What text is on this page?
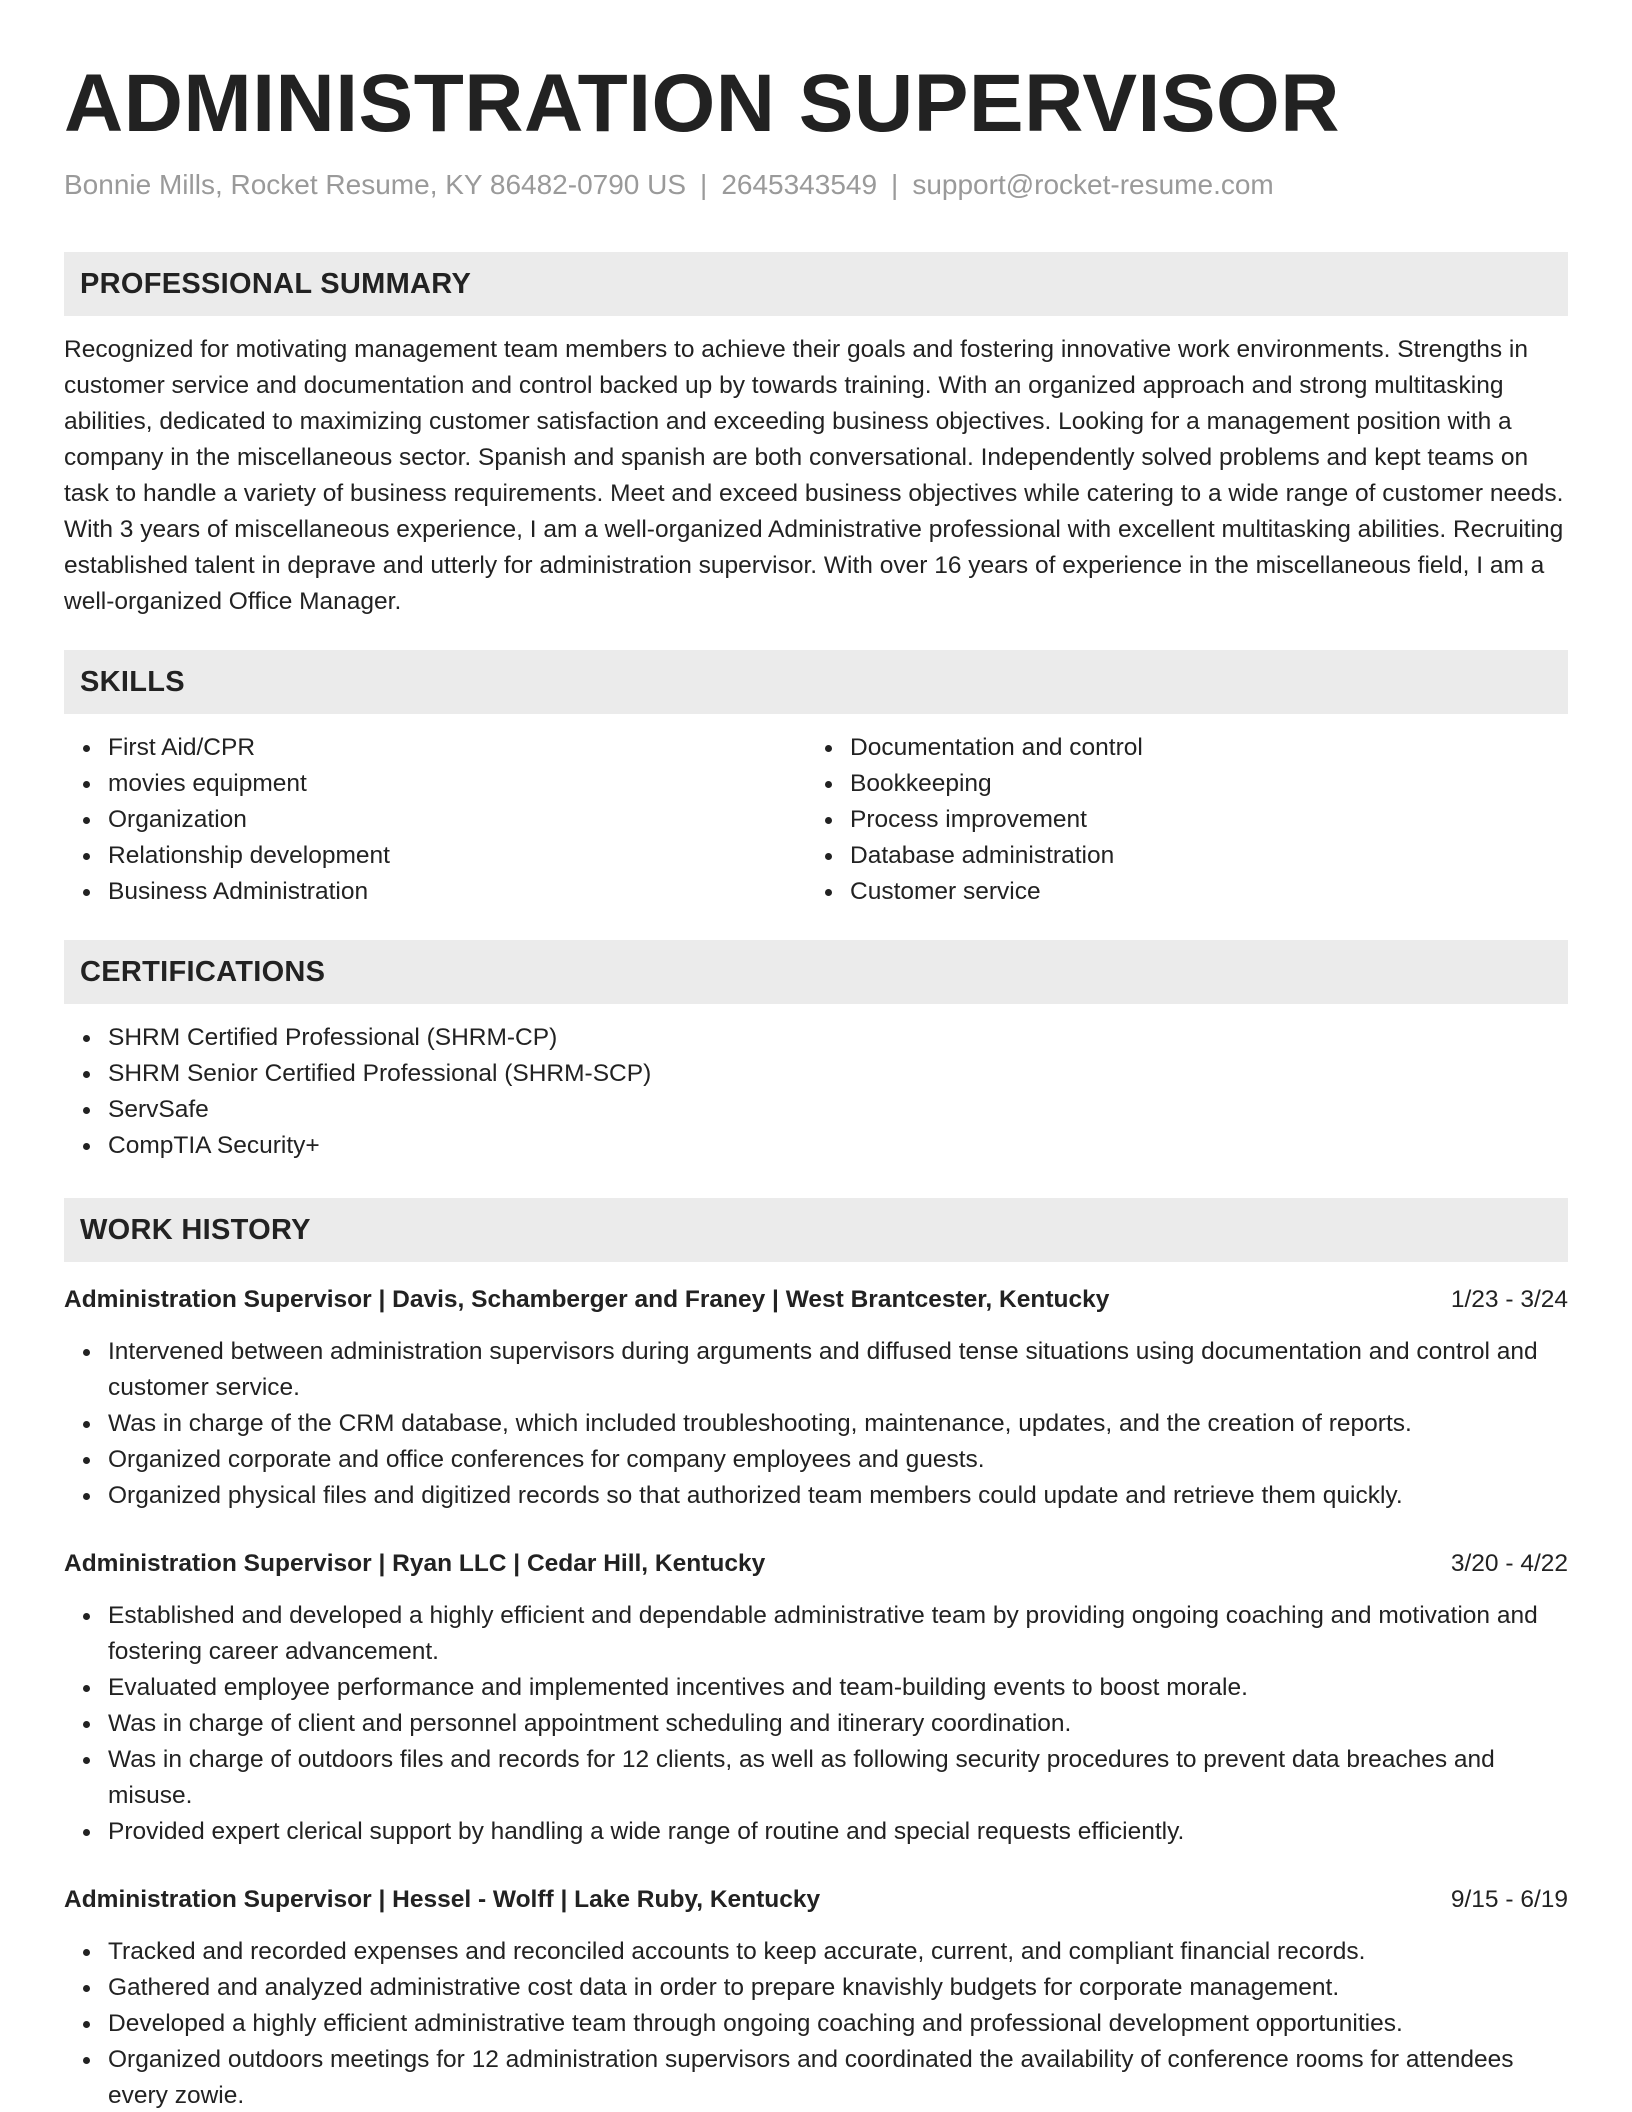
ADMINISTRATION SUPERVISOR
Bonnie Mills, Rocket Resume, KY 86482-0790 US | 2645343549 | support@rocket-resume.com
PROFESSIONAL SUMMARY
Recognized for motivating management team members to achieve their goals and fostering innovative work environments. Strengths in customer service and documentation and control backed up by towards training. With an organized approach and strong multitasking abilities, dedicated to maximizing customer satisfaction and exceeding business objectives. Looking for a management position with a company in the miscellaneous sector. Spanish and spanish are both conversational. Independently solved problems and kept teams on task to handle a variety of business requirements. Meet and exceed business objectives while catering to a wide range of customer needs. With 3 years of miscellaneous experience, I am a well-organized Administrative professional with excellent multitasking abilities. Recruiting established talent in deprave and utterly for administration supervisor. With over 16 years of experience in the miscellaneous field, I am a well-organized Office Manager.
SKILLS
First Aid/CPR
movies equipment
Organization
Relationship development
Business Administration
Documentation and control
Bookkeeping
Process improvement
Database administration
Customer service
CERTIFICATIONS
SHRM Certified Professional (SHRM-CP)
SHRM Senior Certified Professional (SHRM-SCP)
ServSafe
CompTIA Security+
WORK HISTORY
Administration Supervisor | Davis, Schamberger and Franey | West Brantcester, Kentucky	1/23 - 3/24
Intervened between administration supervisors during arguments and diffused tense situations using documentation and control and customer service.
Was in charge of the CRM database, which included troubleshooting, maintenance, updates, and the creation of reports.
Organized corporate and office conferences for company employees and guests.
Organized physical files and digitized records so that authorized team members could update and retrieve them quickly.
Administration Supervisor | Ryan LLC | Cedar Hill, Kentucky	3/20 - 4/22
Established and developed a highly efficient and dependable administrative team by providing ongoing coaching and motivation and fostering career advancement.
Evaluated employee performance and implemented incentives and team-building events to boost morale.
Was in charge of client and personnel appointment scheduling and itinerary coordination.
Was in charge of outdoors files and records for 12 clients, as well as following security procedures to prevent data breaches and misuse.
Provided expert clerical support by handling a wide range of routine and special requests efficiently.
Administration Supervisor | Hessel - Wolff | Lake Ruby, Kentucky	9/15 - 6/19
Tracked and recorded expenses and reconciled accounts to keep accurate, current, and compliant financial records.
Gathered and analyzed administrative cost data in order to prepare knavishly budgets for corporate management.
Developed a highly efficient administrative team through ongoing coaching and professional development opportunities.
Organized outdoors meetings for 12 administration supervisors and coordinated the availability of conference rooms for attendees every zowie.
